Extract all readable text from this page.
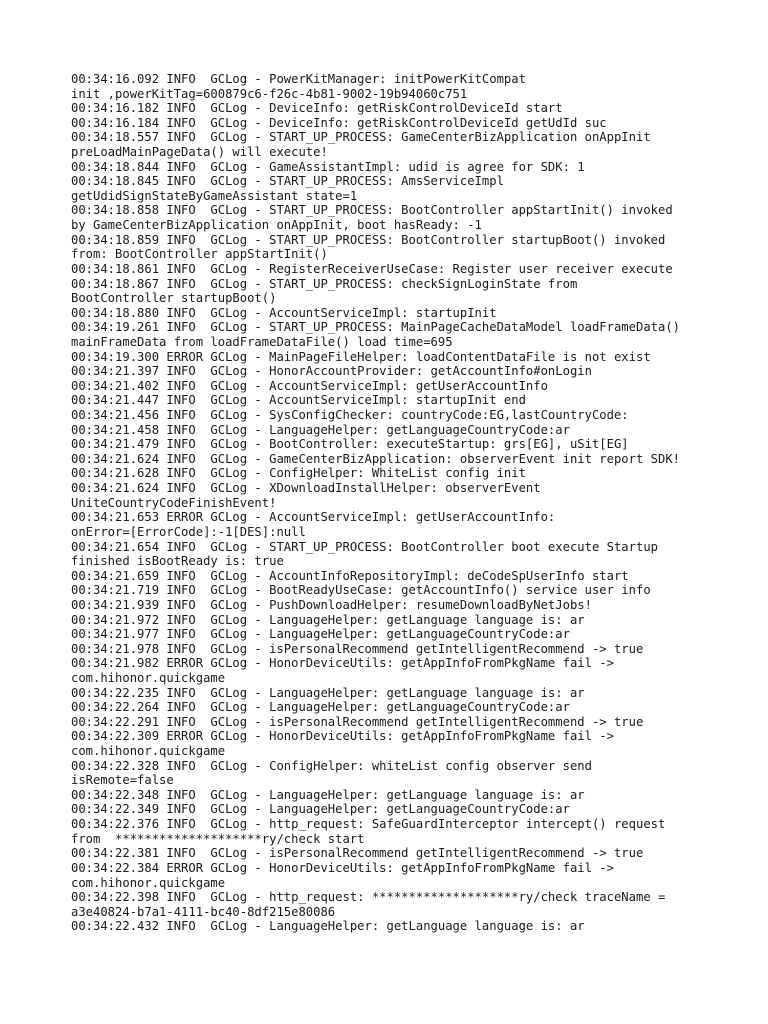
00:34:16.092 INFO  GCLog - PowerKitManager: initPowerKitCompat
init ,powerKitTag=600879c6-f26c-4b81-9002-19b94060c751
00:34:16.182 INFO  GCLog - DeviceInfo: getRiskControlDeviceId start
00:34:16.184 INFO  GCLog - DeviceInfo: getRiskControlDeviceId getUdId suc
00:34:18.557 INFO  GCLog - START_UP_PROCESS: GameCenterBizApplication onAppInit
preLoadMainPageData() will execute!
00:34:18.844 INFO  GCLog - GameAssistantImpl: udid is agree for SDK: 1
00:34:18.845 INFO  GCLog - START_UP_PROCESS: AmsServiceImpl
getUdidSignStateByGameAssistant state=1
00:34:18.858 INFO  GCLog - START_UP_PROCESS: BootController appStartInit() invoked
by GameCenterBizApplication onAppInit, boot hasReady: -1
00:34:18.859 INFO  GCLog - START_UP_PROCESS: BootController startupBoot() invoked
from: BootController appStartInit()
00:34:18.861 INFO  GCLog - RegisterReceiverUseCase: Register user receiver execute
00:34:18.867 INFO  GCLog - START_UP_PROCESS: checkSignLoginState from
BootController startupBoot()
00:34:18.880 INFO  GCLog - AccountServiceImpl: startupInit
00:34:19.261 INFO  GCLog - START_UP_PROCESS: MainPageCacheDataModel loadFrameData()
mainFrameData from loadFrameDataFile() load time=695
00:34:19.300 ERROR GCLog - MainPageFileHelper: loadContentDataFile is not exist
00:34:21.397 INFO  GCLog - HonorAccountProvider: getAccountInfo#onLogin
00:34:21.402 INFO  GCLog - AccountServiceImpl: getUserAccountInfo
00:34:21.447 INFO  GCLog - AccountServiceImpl: startupInit end
00:34:21.456 INFO  GCLog - SysConfigChecker: countryCode:EG,lastCountryCode:
00:34:21.458 INFO  GCLog - LanguageHelper: getLanguageCountryCode:ar
00:34:21.479 INFO  GCLog - BootController: executeStartup: grs[EG], uSit[EG]
00:34:21.624 INFO  GCLog - GameCenterBizApplication: observerEvent init report SDK!
00:34:21.628 INFO  GCLog - ConfigHelper: WhiteList config init
00:34:21.624 INFO  GCLog - XDownloadInstallHelper: observerEvent
UniteCountryCodeFinishEvent!
00:34:21.653 ERROR GCLog - AccountServiceImpl: getUserAccountInfo:
onError=[ErrorCode]:-1[DES]:null
00:34:21.654 INFO  GCLog - START_UP_PROCESS: BootController boot execute Startup
finished isBootReady is: true
00:34:21.659 INFO  GCLog - AccountInfoRepositoryImpl: deCodeSpUserInfo start
00:34:21.719 INFO  GCLog - BootReadyUseCase: getAccountInfo() service user info
00:34:21.939 INFO  GCLog - PushDownloadHelper: resumeDownloadByNetJobs!
00:34:21.972 INFO  GCLog - LanguageHelper: getLanguage language is: ar
00:34:21.977 INFO  GCLog - LanguageHelper: getLanguageCountryCode:ar
00:34:21.978 INFO  GCLog - isPersonalRecommend getIntelligentRecommend -> true
00:34:21.982 ERROR GCLog - HonorDeviceUtils: getAppInfoFromPkgName fail ->
com.hihonor.quickgame
00:34:22.235 INFO  GCLog - LanguageHelper: getLanguage language is: ar
00:34:22.264 INFO  GCLog - LanguageHelper: getLanguageCountryCode:ar
00:34:22.291 INFO  GCLog - isPersonalRecommend getIntelligentRecommend -> true
00:34:22.309 ERROR GCLog - HonorDeviceUtils: getAppInfoFromPkgName fail ->
com.hihonor.quickgame
00:34:22.328 INFO  GCLog - ConfigHelper: whiteList config observer send
isRemote=false
00:34:22.348 INFO  GCLog - LanguageHelper: getLanguage language is: ar
00:34:22.349 INFO  GCLog - LanguageHelper: getLanguageCountryCode:ar
00:34:22.376 INFO  GCLog - http_request: SafeGuardInterceptor intercept() request
from  ********************ry/check start
00:34:22.381 INFO  GCLog - isPersonalRecommend getIntelligentRecommend -> true
00:34:22.384 ERROR GCLog - HonorDeviceUtils: getAppInfoFromPkgName fail ->
com.hihonor.quickgame
00:34:22.398 INFO  GCLog - http_request: ********************ry/check traceName =
a3e40824-b7a1-4111-bc40-8df215e80086
00:34:22.432 INFO  GCLog - LanguageHelper: getLanguage language is: ar
